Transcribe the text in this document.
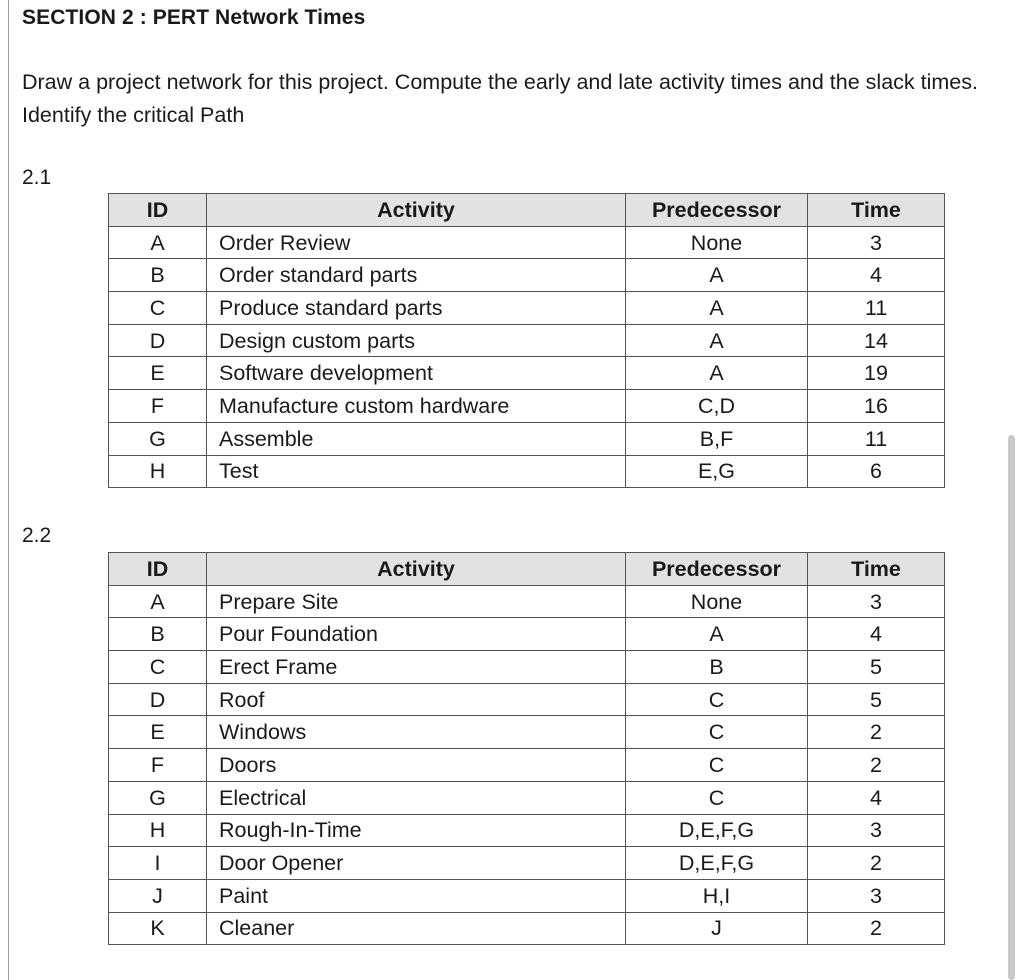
SECTION 2 : PERT Network Times
Draw a project network for this project. Compute the early and late activity times and the slack times. Identify the critical Path
2.1
ID	Activity	Predecessor	Time
A	Order Review	None	3
B	Order standard parts	A	4
C	Produce standard parts	A	11
D	Design custom parts	A	14
E	Software development	A	19
F	Manufacture custom hardware	C,D	16
G	Assemble	B,F	11
H	Test	E,G	6
2.2
ID	Activity	Predecessor	Time
A	Prepare Site	None	3
B	Pour Foundation	A	4
C	Erect Frame	B	5
D	Roof	C	5
E	Windows	C	2
F	Doors	C	2
G	Electrical	C	4
H	Rough-In-Time	D,E,F,G	3
I	Door Opener	D,E,F,G	2
J	Paint	H,I	3
K	Cleaner	J	2
